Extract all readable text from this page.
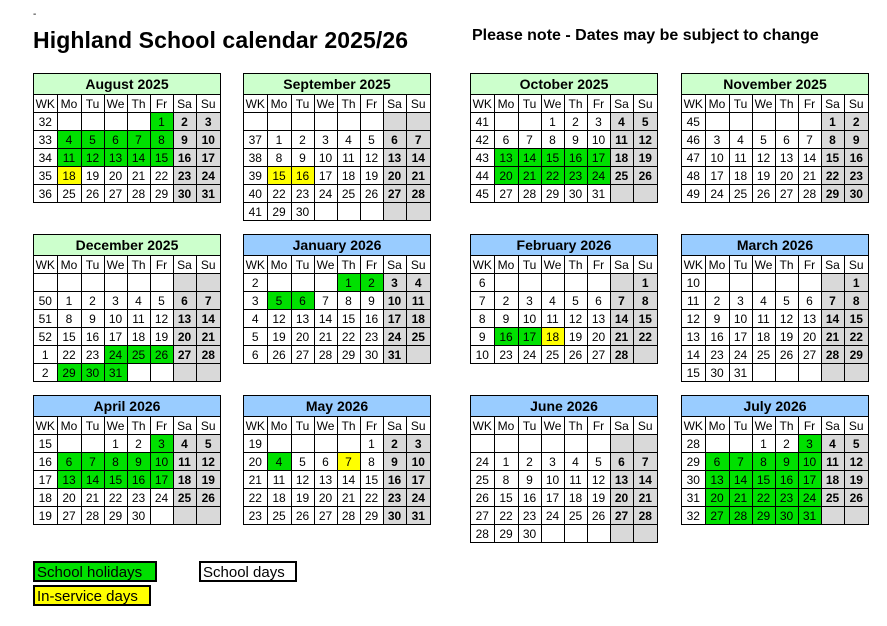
-
Highland School calendar 2025/26	Please note - Dates may be subject to change
August 2025
WK	Mo	Tu	We	Th	Fr	Sa	Su
32					1	2	3
33	4	5	6	7	8	9	10
34	11	12	13	14	15	16	17
35	18	19	20	21	22	23	24
36	25	26	27	28	29	30	31
September 2025
WK	Mo	Tu	We	Th	Fr	Sa	Su

37	1	2	3	4	5	6	7
38	8	9	10	11	12	13	14
39	15	16	17	18	19	20	21
40	22	23	24	25	26	27	28
41	29	30					
October 2025
WK	Mo	Tu	We	Th	Fr	Sa	Su
41			1	2	3	4	5
42	6	7	8	9	10	11	12
43	13	14	15	16	17	18	19
44	20	21	22	23	24	25	26
45	27	28	29	30	31		
November 2025
WK	Mo	Tu	We	Th	Fr	Sa	Su
45						1	2
46	3	4	5	6	7	8	9
47	10	11	12	13	14	15	16
48	17	18	19	20	21	22	23
49	24	25	26	27	28	29	30
December 2025
WK	Mo	Tu	We	Th	Fr	Sa	Su

50	1	2	3	4	5	6	7
51	8	9	10	11	12	13	14
52	15	16	17	18	19	20	21
1	22	23	24	25	26	27	28
2	29	30	31				
January 2026
WK	Mo	Tu	We	Th	Fr	Sa	Su
2				1	2	3	4
3	5	6	7	8	9	10	11
4	12	13	14	15	16	17	18
5	19	20	21	22	23	24	25
6	26	27	28	29	30	31	
February 2026
WK	Mo	Tu	We	Th	Fr	Sa	Su
6							1
7	2	3	4	5	6	7	8
8	9	10	11	12	13	14	15
9	16	17	18	19	20	21	22
10	23	24	25	26	27	28	
March 2026
WK	Mo	Tu	We	Th	Fr	Sa	Su
10							1
11	2	3	4	5	6	7	8
12	9	10	11	12	13	14	15
13	16	17	18	19	20	21	22
14	23	24	25	26	27	28	29
15	30	31					
April 2026
WK	Mo	Tu	We	Th	Fr	Sa	Su
15			1	2	3	4	5
16	6	7	8	9	10	11	12
17	13	14	15	16	17	18	19
18	20	21	22	23	24	25	26
19	27	28	29	30			
May 2026
WK	Mo	Tu	We	Th	Fr	Sa	Su
19					1	2	3
20	4	5	6	7	8	9	10
21	11	12	13	14	15	16	17
22	18	19	20	21	22	23	24
23	25	26	27	28	29	30	31
June 2026
WK	Mo	Tu	We	Th	Fr	Sa	Su

24	1	2	3	4	5	6	7
25	8	9	10	11	12	13	14
26	15	16	17	18	19	20	21
27	22	23	24	25	26	27	28
28	29	30					
July 2026
WK	Mo	Tu	We	Th	Fr	Sa	Su
28			1	2	3	4	5
29	6	7	8	9	10	11	12
30	13	14	15	16	17	18	19
31	20	21	22	23	24	25	26
32	27	28	29	30	31		
School holidays	School days
In-service days
